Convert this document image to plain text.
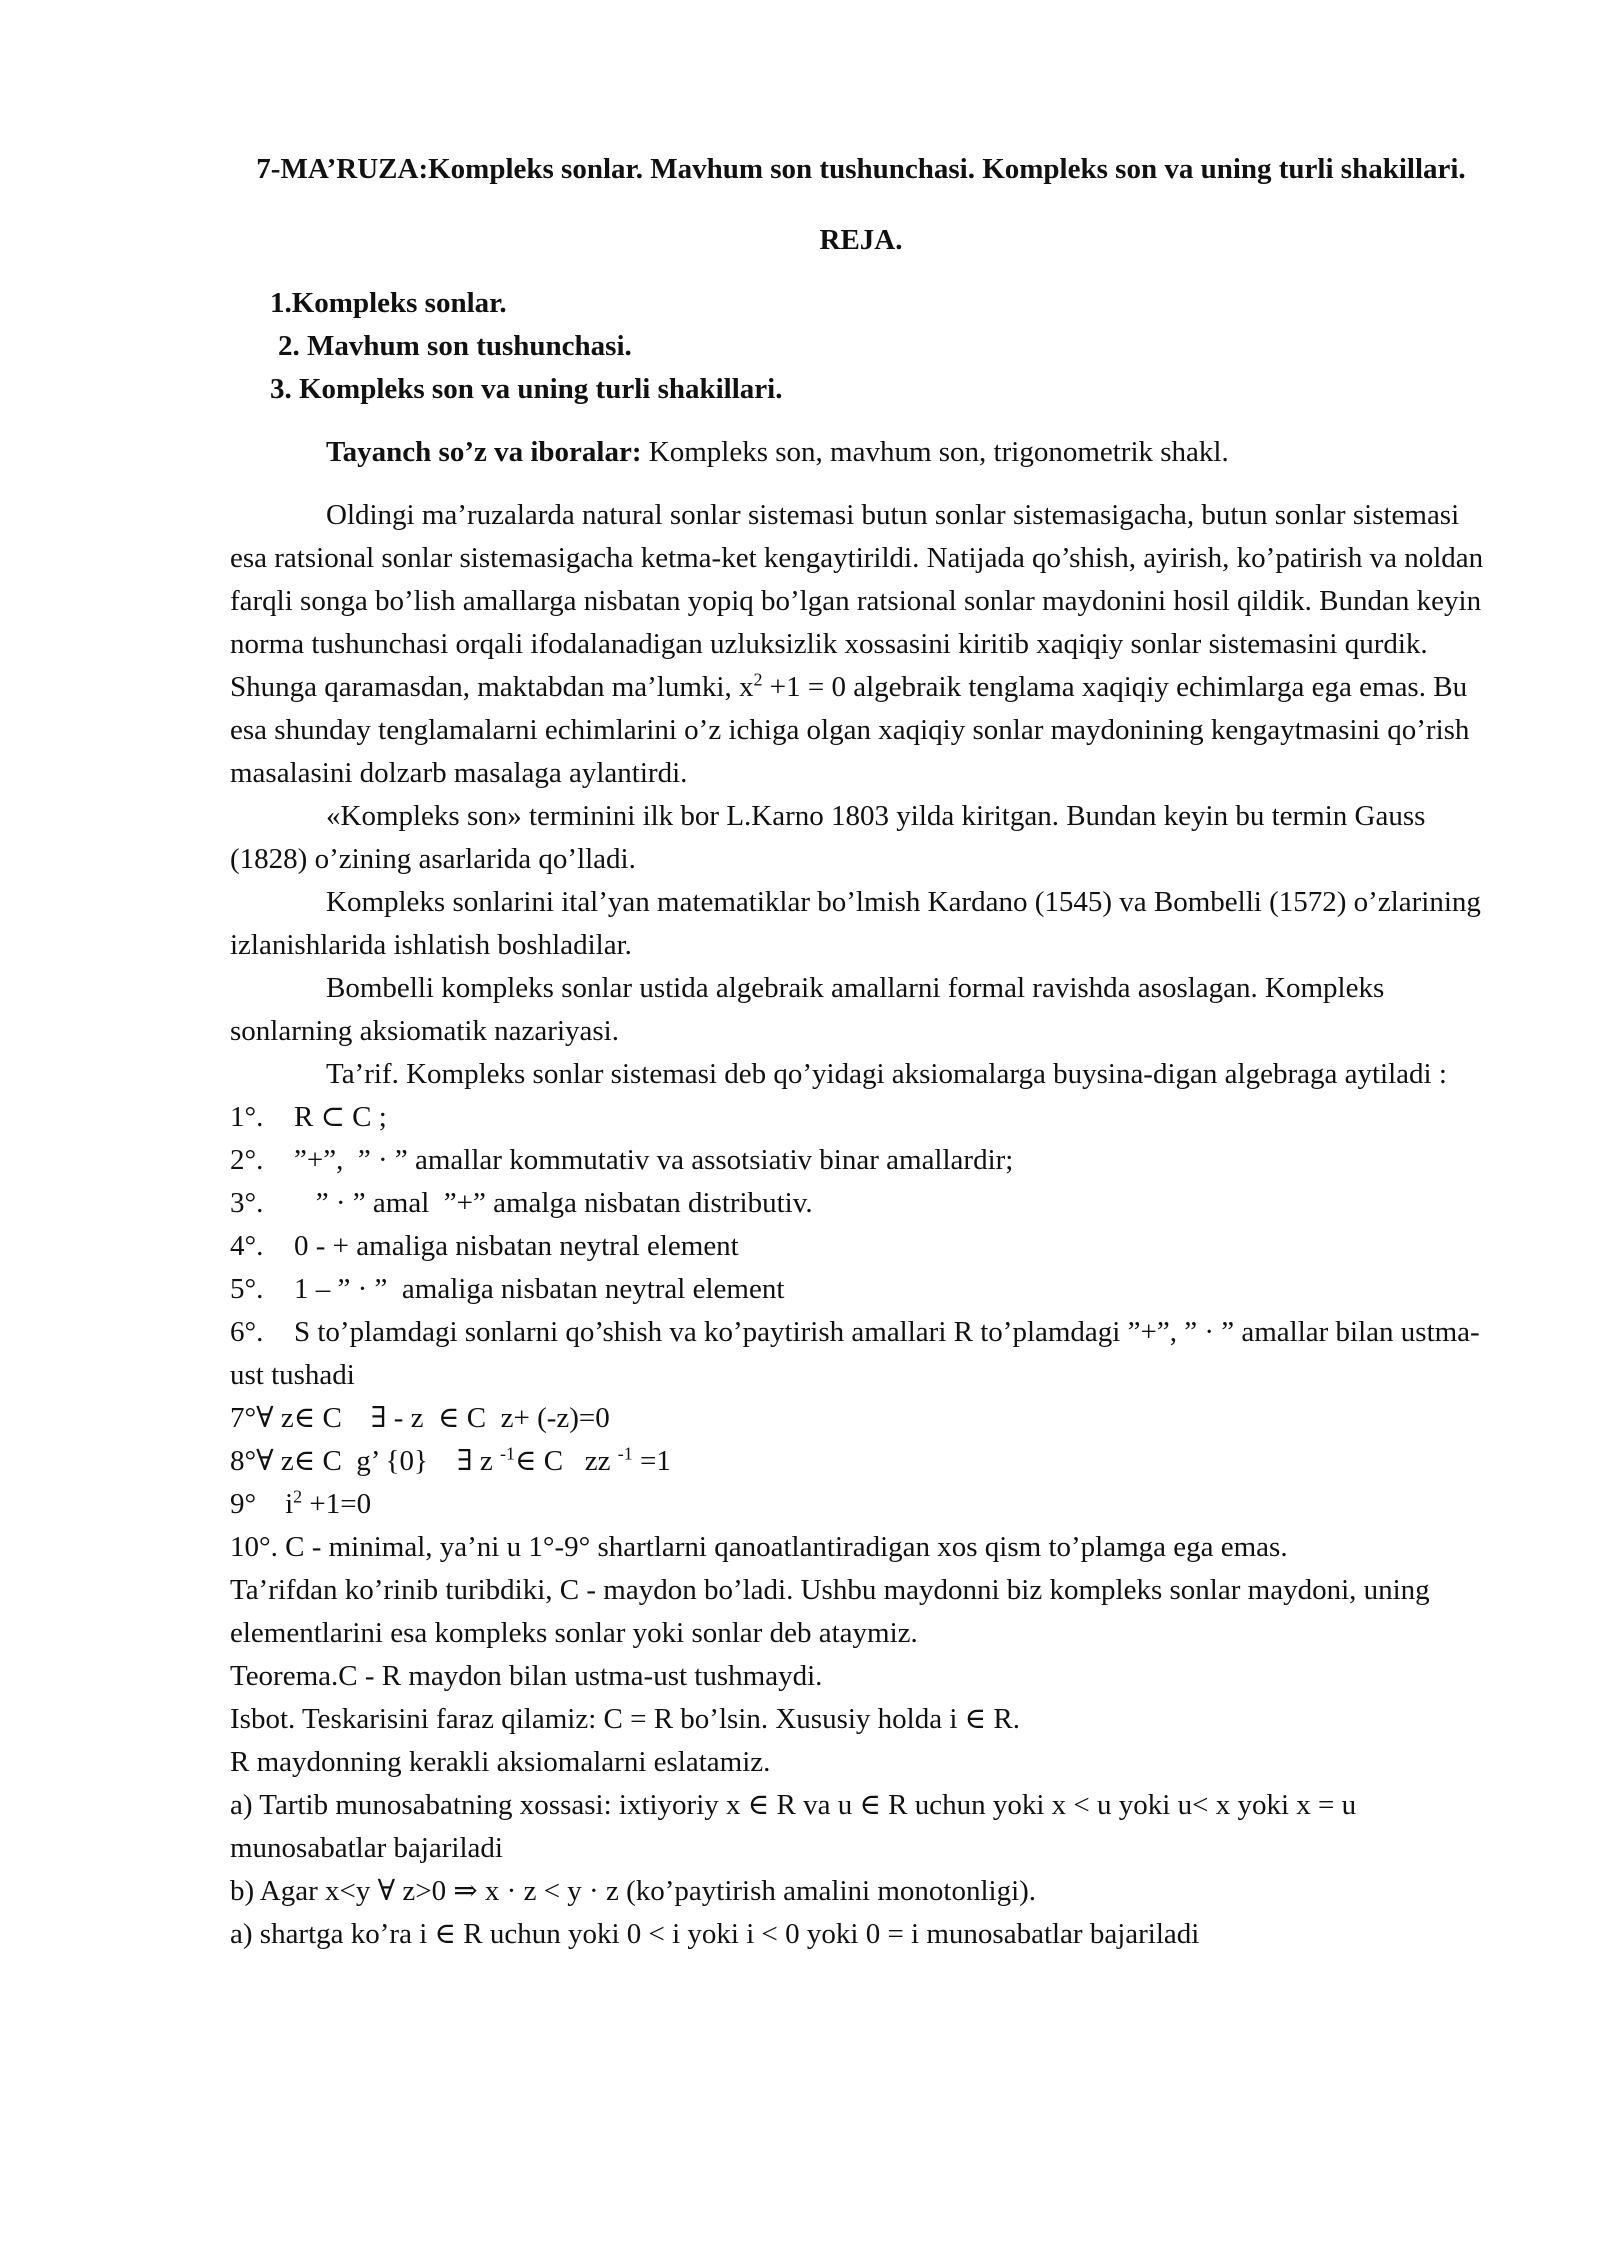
7-MA’RUZA:Kompleks sonlar. Mavhum son tushunchasi. Kompleks son va uning turli shakillari.
REJA.
1.Kompleks sonlar.
2. Mavhum son tushunchasi.
3. Kompleks son va uning turli shakillari.
Tayanch so’z va iboralar: Kompleks son, mavhum son, trigonometrik shakl.

Oldingi ma’ruzalarda natural sonlar sistemasi butun sonlar sistemasigacha, butun sonlar sistemasi esa ratsional sonlar sistemasigacha ketma-ket kengaytirildi. Natijada qo’shish, ayirish, ko’patirish va noldan farqli songa bo’lish amallarga nisbatan yopiq bo’lgan ratsional sonlar maydonini hosil qildik. Bundan keyin norma tushunchasi orqali ifodalanadigan uzluksizlik xossasini kiritib xaqiqiy sonlar sistemasini qurdik. Shunga qaramasdan, maktabdan ma’lumki, $x^2 +1 = 0$ algebraik tenglama xaqiqiy echimlarga ega emas. Bu esa shunday tenglamalarni echimlarini o’z ichiga olgan xaqiqiy sonlar maydonining kengaytmasini qo’rish masalasini dolzarb masalaga aylantirdi.

«Kompleks son» terminini ilk bor L.Karno 1803 yilda kiritgan. Bundan keyin bu termin Gauss (1828) o’zining asarlarida qo’lladi.

Kompleks sonlarini ital’yan matematiklar bo’lmish Kardano (1545) va Bombelli (1572) o’zlarining izlanishlarida ishlatish boshladilar.

Bombelli kompleks sonlar ustida algebraik amallarni formal ravishda asoslagan. Kompleks sonlarning aksiomatik nazariyasi.

Ta’rif. Kompleks sonlar sistemasi deb qo’yidagi aksiomalarga buysina-digan algebraga aytiladi :

1°. R ⊂ C ;

2°. ”+”,  ” · ” amallar kommutativ va assotsiativ binar amallardir;

3°.   ” · ” amal  ”+” amalga nisbatan distributiv.

4°. 0 - + amaliga nisbatan neytral element

5°. 1 – ” · ”  amaliga nisbatan neytral element

6°. S to’plamdagi sonlarni qo’shish va ko’paytirish amallari R to’plamdagi ”+”, ” · ” amallar bilan ustma-ust tushadi

7°∀ z∈ C    ∃ - z  ∈ C  z+ (-z)=0

8°∀ z∈ C  g’ {0}    ∃ z $^{-1}$∈ C   zz $^{-1}$ =1

9°    $i^2 +1=0$

10°. C - minimal, ya’ni u 1°-9° shartlarni qanoatlantiradigan xos qism to’plamga ega emas.

Ta’rifdan ko’rinib turibdiki, C - maydon bo’ladi. Ushbu maydonni biz kompleks sonlar maydoni, uning elementlarini esa kompleks sonlar yoki sonlar deb ataymiz.

Teorema.C - R maydon bilan ustma-ust tushmaydi.

Isbot. Teskarisini faraz qilamiz: C = R bo’lsin. Xususiy holda i ∈ R.

R maydonning kerakli aksiomalarni eslatamiz.

a) Tartib munosabatning xossasi: ixtiyoriy x ∈ R va u ∈ R uchun yoki x < u yoki u< x yoki x = u munosabatlar bajariladi

b) Agar x<y ∀ z>0 ⇒ x · z < y · z (ko’paytirish amalini monotonligi).

a) shartga ko’ra i ∈ R uchun yoki 0 < i yoki i < 0 yoki 0 = i munosabatlar bajariladi
